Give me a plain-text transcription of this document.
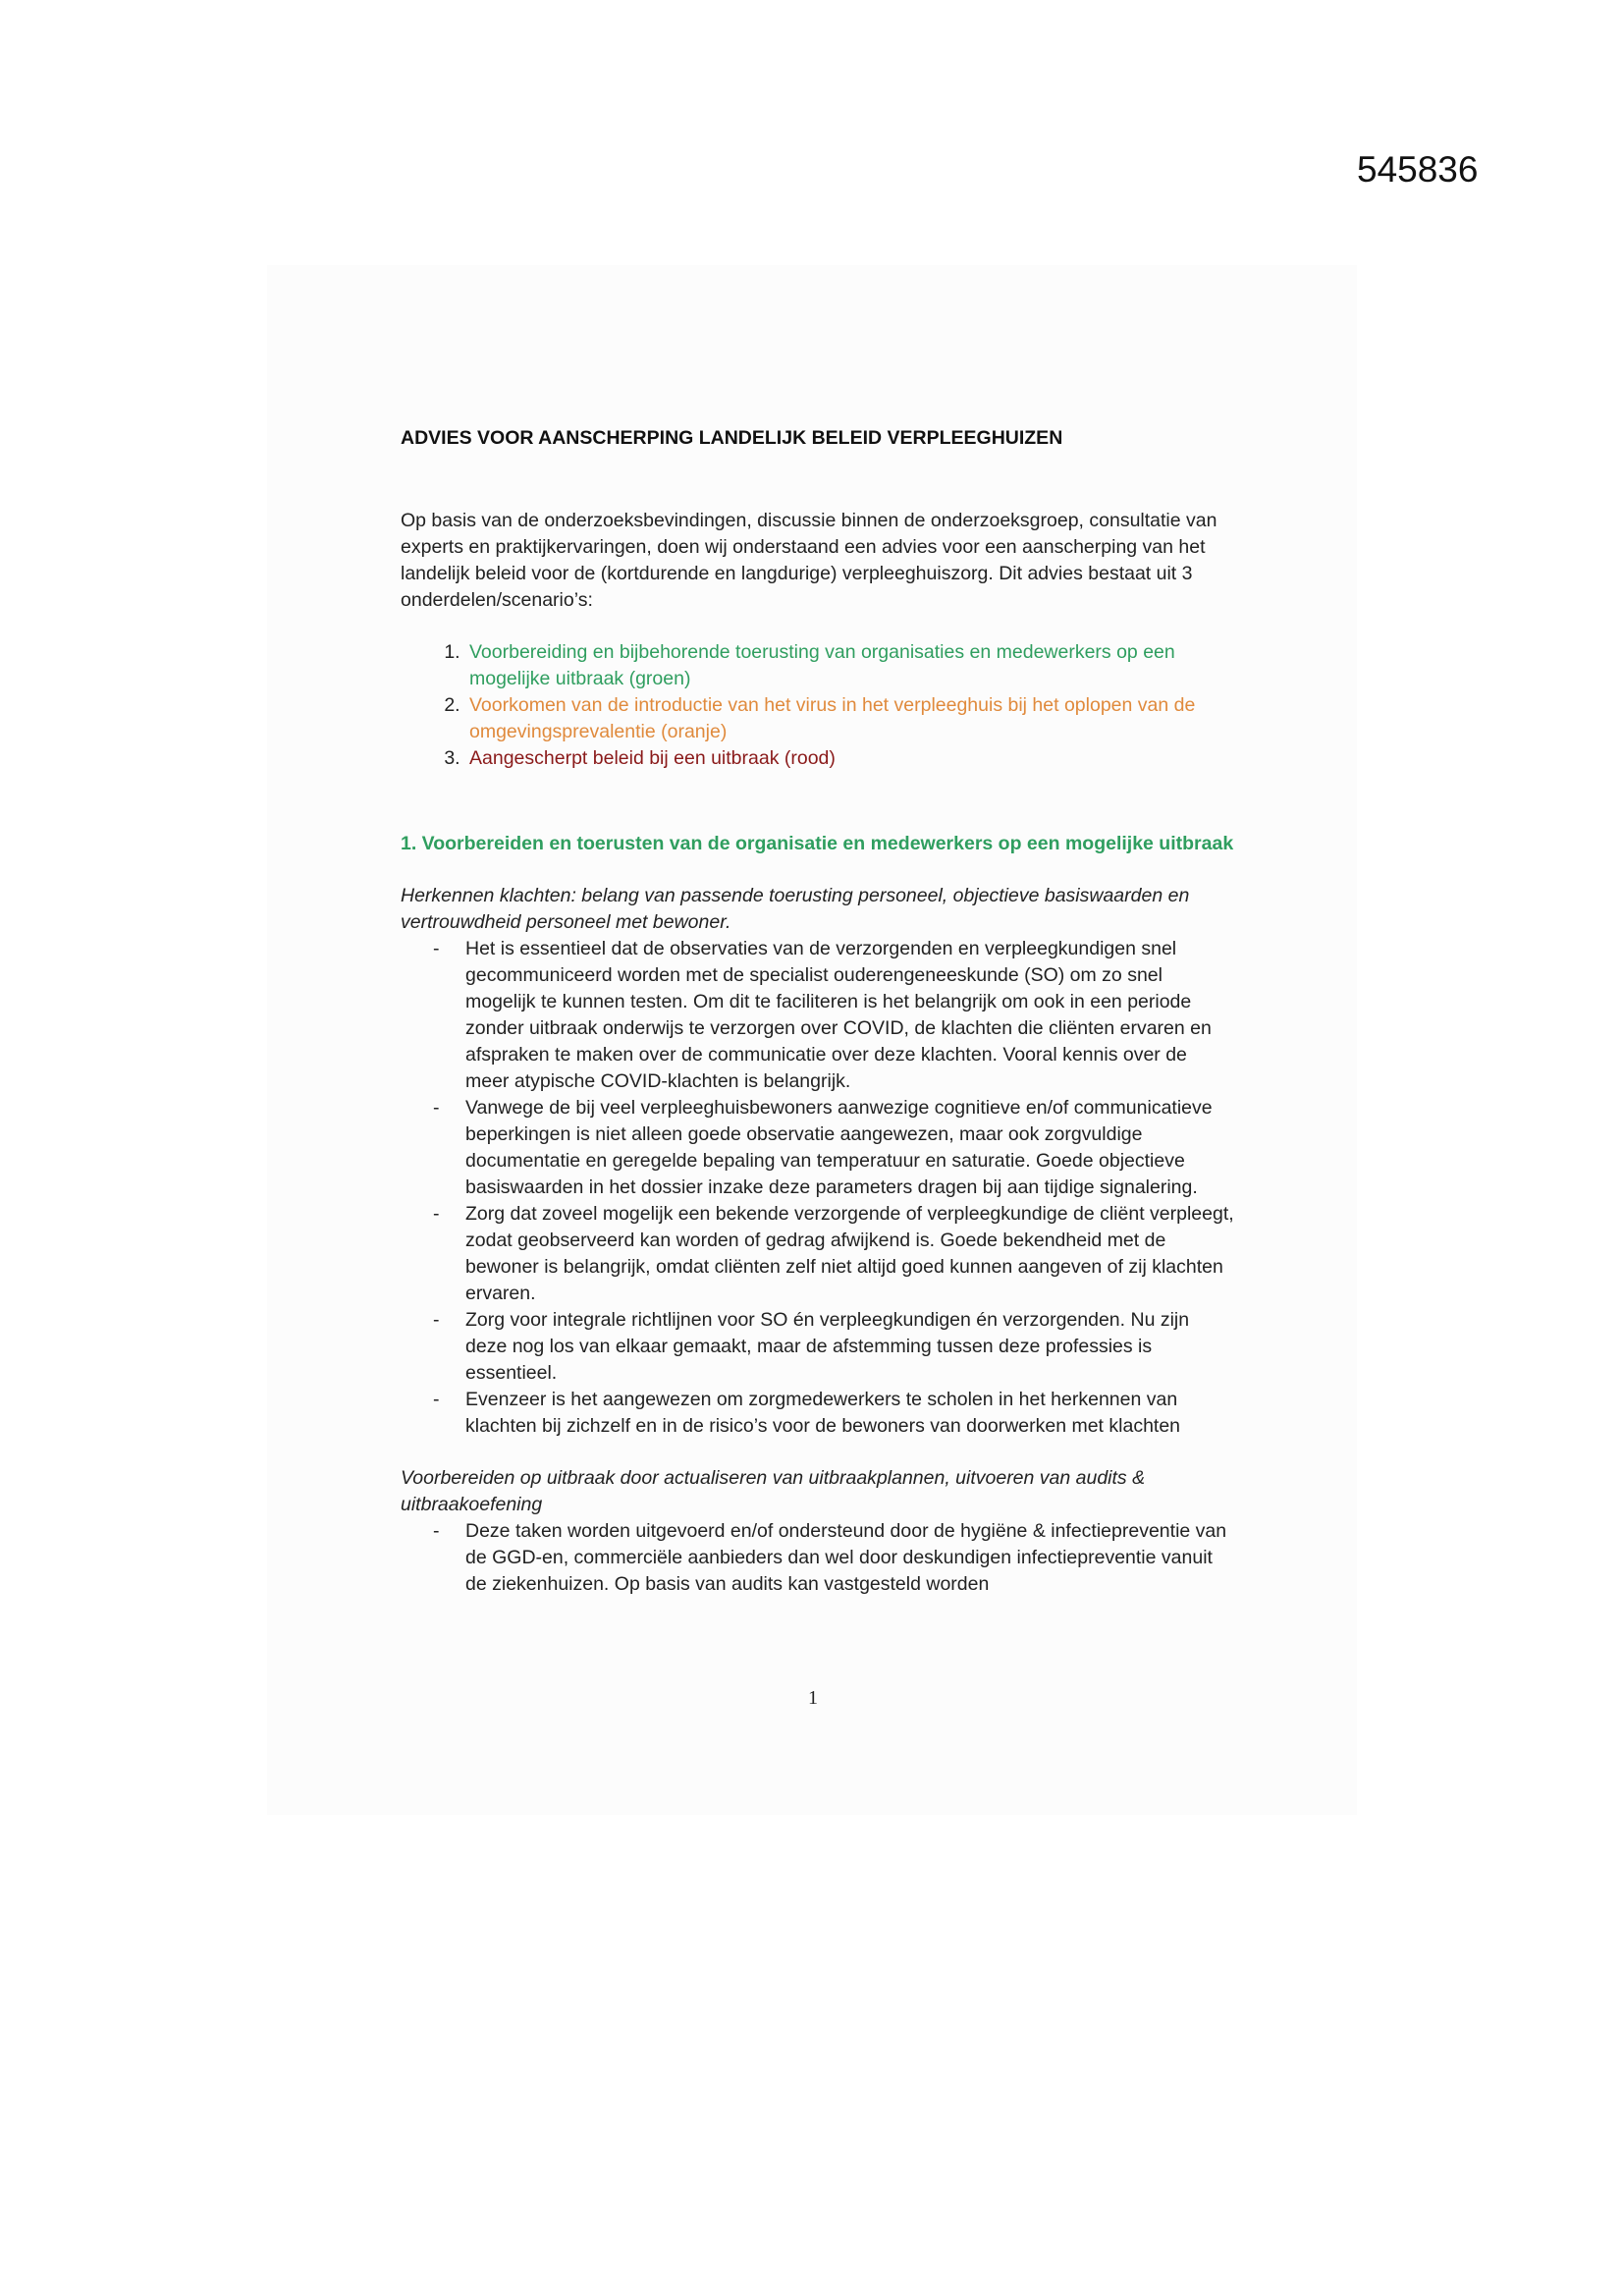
545836

ADVIES VOOR AANSCHERPING LANDELIJK BELEID VERPLEEGHUIZEN

Op basis van de onderzoeksbevindingen, discussie binnen de onderzoeksgroep, consultatie van experts en praktijkervaringen, doen wij onderstaand een advies voor een aanscherping van het landelijk beleid voor de (kortdurende en langdurige) verpleeghuiszorg. Dit advies bestaat uit 3 onderdelen/scenario’s:

1. Voorbereiding en bijbehorende toerusting van organisaties en medewerkers op een mogelijke uitbraak (groen)
2. Voorkomen van de introductie van het virus in het verpleeghuis bij het oplopen van de omgevingsprevalentie (oranje)
3. Aangescherpt beleid bij een uitbraak (rood)

1. Voorbereiden en toerusten van de organisatie en medewerkers op een mogelijke uitbraak

Herkennen klachten: belang van passende toerusting personeel, objectieve basiswaarden en vertrouwdheid personeel met bewoner.

- Het is essentieel dat de observaties van de verzorgenden en verpleegkundigen snel gecommuniceerd worden met de specialist ouderengeneeskunde (SO) om zo snel mogelijk te kunnen testen. Om dit te faciliteren is het belangrijk om ook in een periode zonder uitbraak onderwijs te verzorgen over COVID, de klachten die cliënten ervaren en afspraken te maken over de communicatie over deze klachten. Vooral kennis over de meer atypische COVID-klachten is belangrijk.
- Vanwege de bij veel verpleeghuisbewoners aanwezige cognitieve en/of communicatieve beperkingen is niet alleen goede observatie aangewezen, maar ook zorgvuldige documentatie en geregelde bepaling van temperatuur en saturatie. Goede objectieve basiswaarden in het dossier inzake deze parameters dragen bij aan tijdige signalering.
- Zorg dat zoveel mogelijk een bekende verzorgende of verpleegkundige de cliënt verpleegt, zodat geobserveerd kan worden of gedrag afwijkend is. Goede bekendheid met de bewoner is belangrijk, omdat cliënten zelf niet altijd goed kunnen aangeven of zij klachten ervaren.
- Zorg voor integrale richtlijnen voor SO én verpleegkundigen én verzorgenden. Nu zijn deze nog los van elkaar gemaakt, maar de afstemming tussen deze professies is essentieel.
- Evenzeer is het aangewezen om zorgmedewerkers te scholen in het herkennen van klachten bij zichzelf en in de risico’s voor de bewoners van doorwerken met klachten

Voorbereiden op uitbraak door actualiseren van uitbraakplannen, uitvoeren van audits & uitbraakoefening

- Deze taken worden uitgevoerd en/of ondersteund door de hygiëne & infectiepreventie van de GGD-en, commerciële aanbieders dan wel door deskundigen infectiepreventie vanuit de ziekenhuizen. Op basis van audits kan vastgesteld worden
1
